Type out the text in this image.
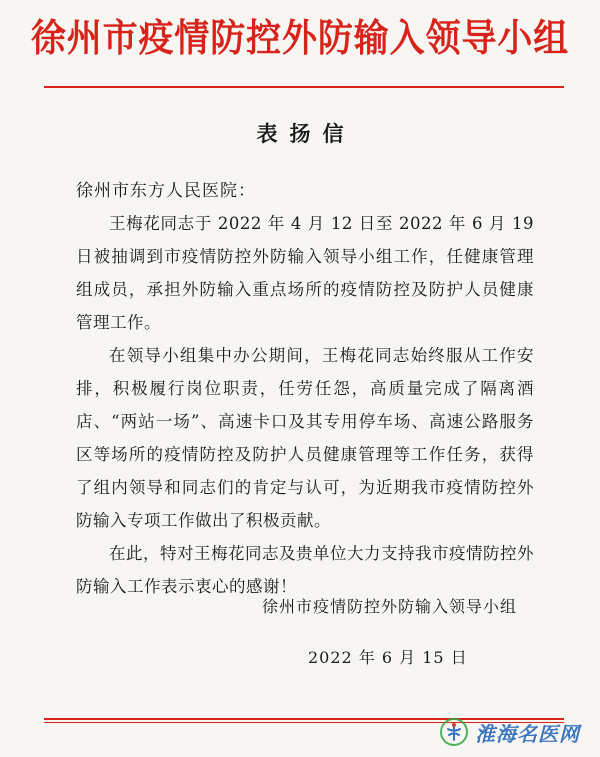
徐州市疫情防控外防输入领导小组
表扬信
徐州市东方人民医院：

王梅花同志于 2022 年 4 月 12 日至 2022 年 6 月 19 日被抽调到市疫情防控外防输入领导小组工作，任健康管理组成员，承担外防输入重点场所的疫情防控及防护人员健康管理工作。

在领导小组集中办公期间，王梅花同志始终服从工作安排，积极履行岗位职责，任劳任怨，高质量完成了隔离酒店、“两站一场”、高速卡口及其专用停车场、高速公路服务区等场所的疫情防控及防护人员健康管理等工作任务，获得了组内领导和同志们的肯定与认可，为近期我市疫情防控外防输入专项工作做出了积极贡献。

在此，特对王梅花同志及贵单位大力支持我市疫情防控外防输入工作表示衷心的感谢！

徐州市疫情防控外防输入领导小组
2022 年 6 月 15 日
淮海名医网
